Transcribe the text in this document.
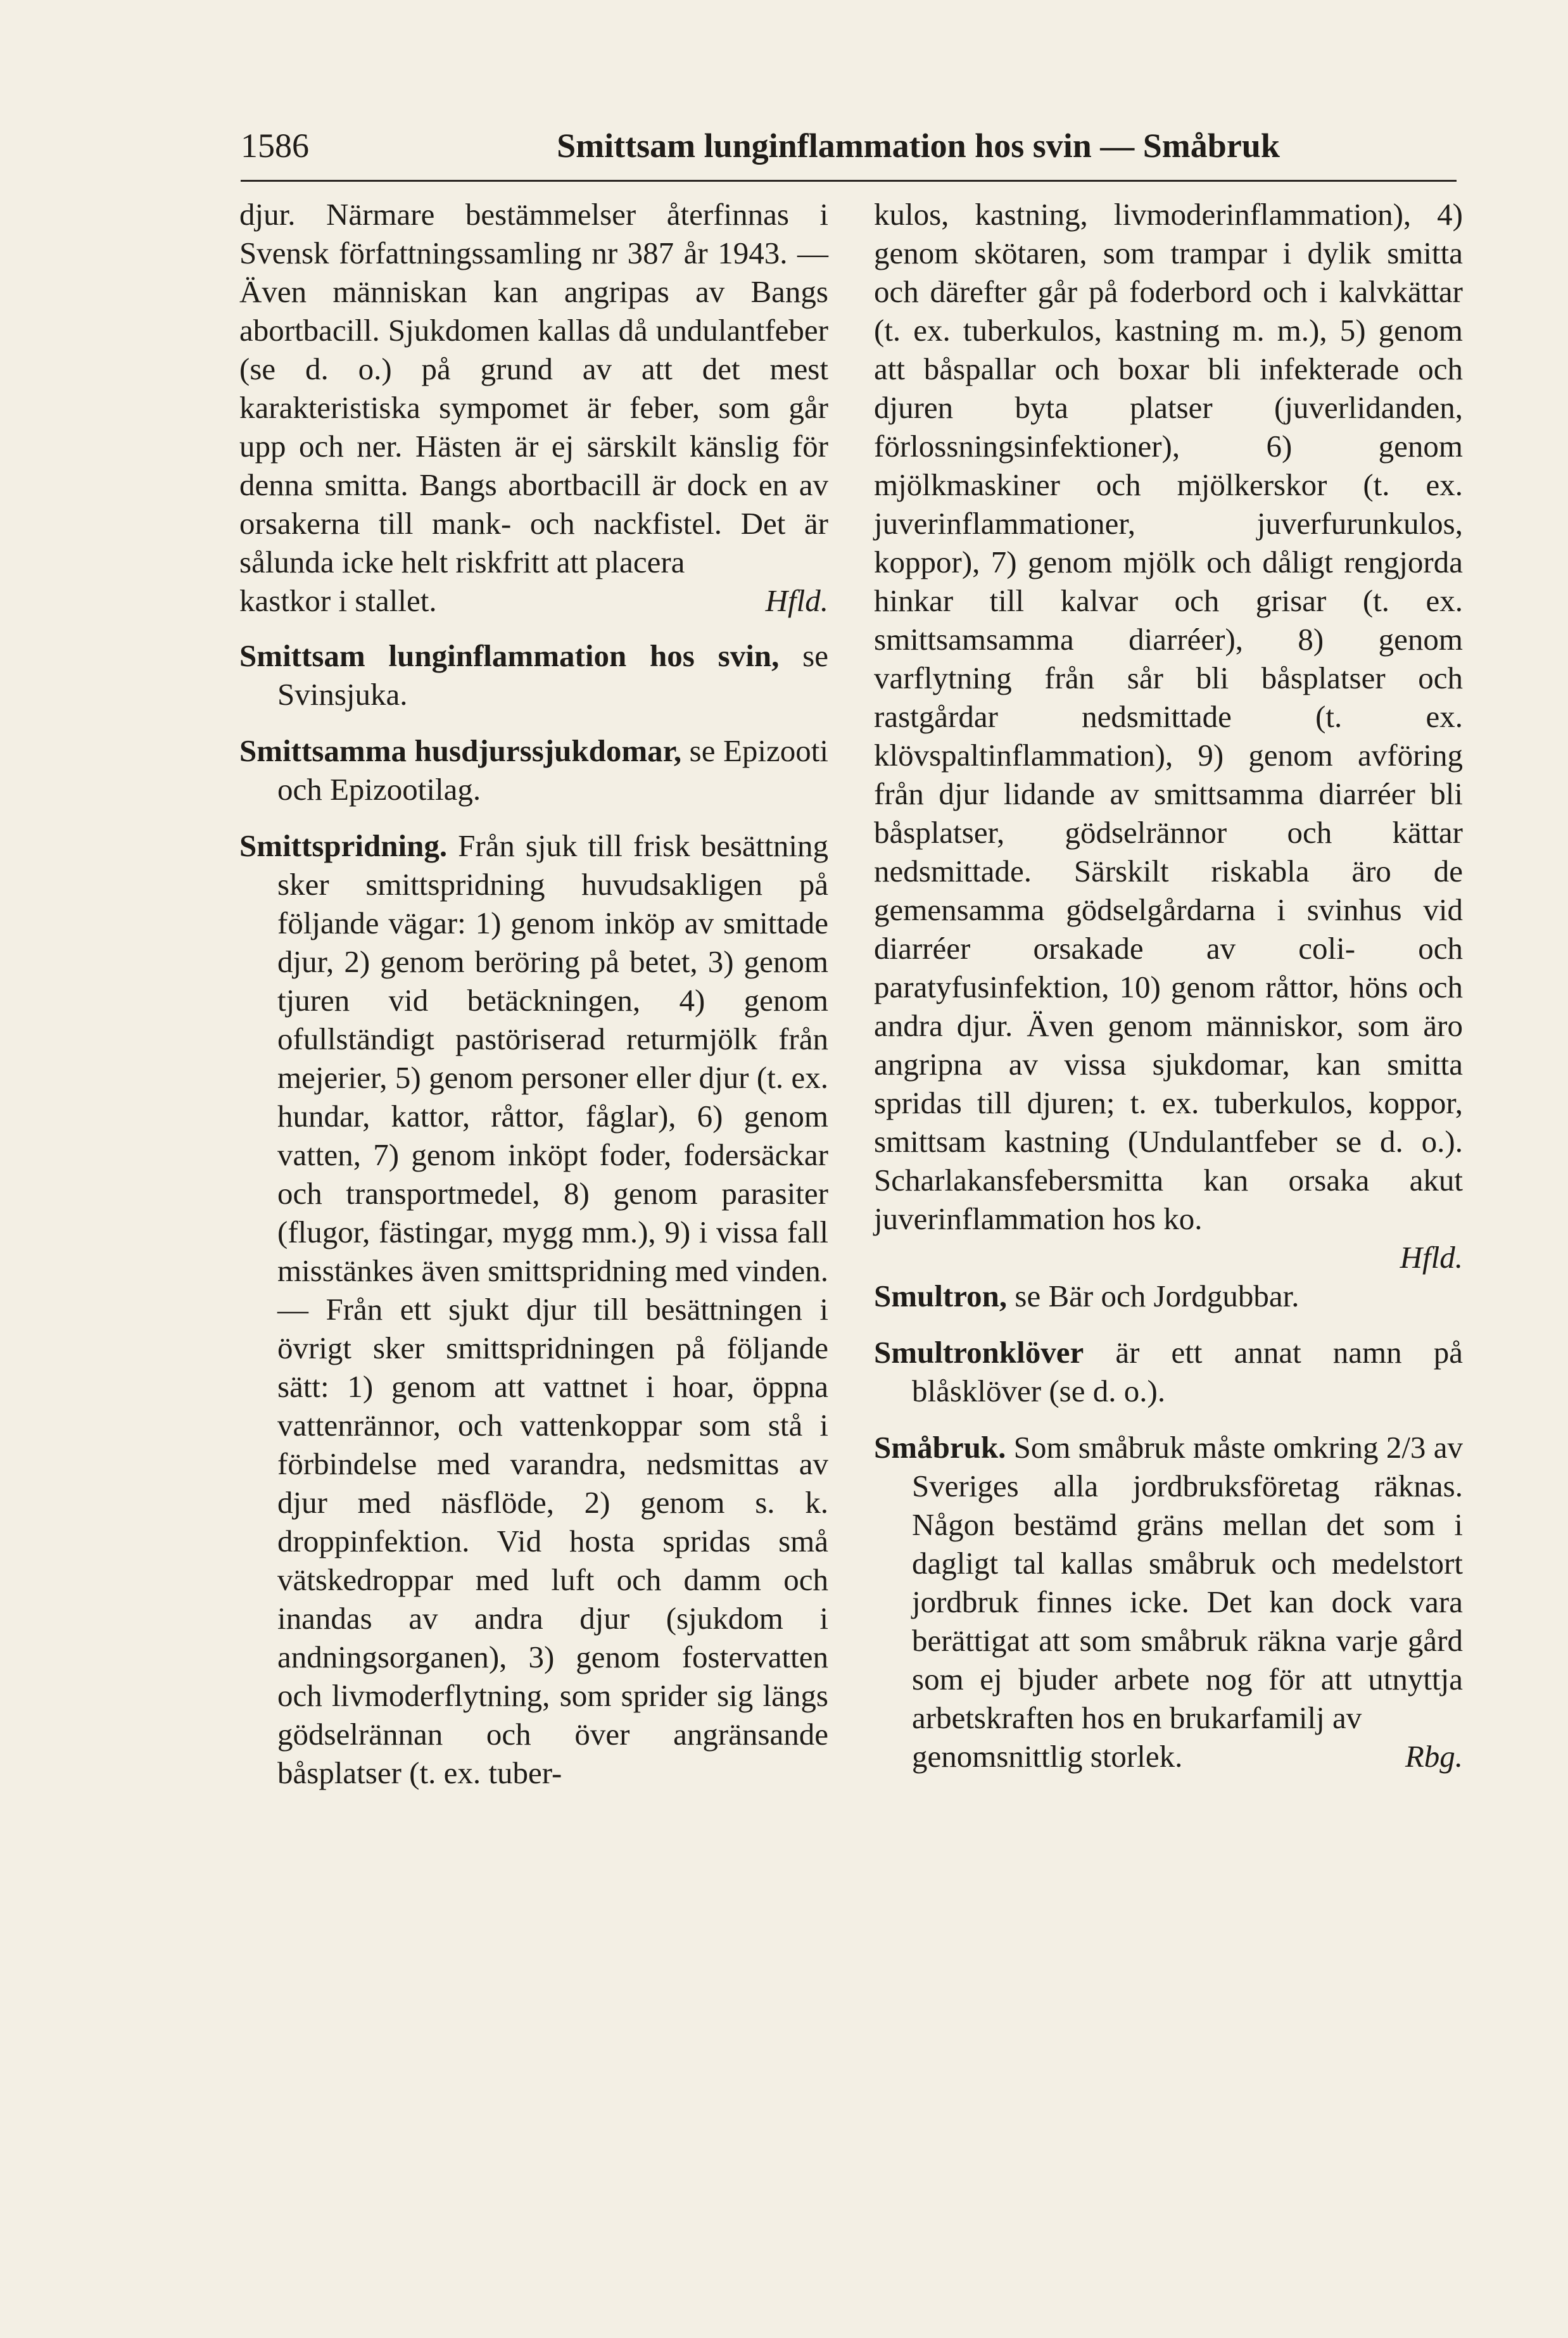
1586	Smittsam lunginflammation hos svin — Småbruk

djur. Närmare bestämmelser återfinnas i Svensk författningssamling nr 387 år 1943. — Även människan kan angripas av Bangs abortbacill. Sjukdomen kallas då undulantfeber (se d. o.) på grund av att det mest karakteristiska sympomet är feber, som går upp och ner. Hästen är ej särskilt känslig för denna smitta. Bangs abortbacill är dock en av orsakerna till mank- och nackfistel. Det är sålunda icke helt riskfritt att placera
kastkor i stallet.	Hfld.

Smittsam lunginflammation hos svin, se Svinsjuka.

Smittsamma husdjurssjukdomar, se Epizooti och Epizootilag.

Smittspridning. Från sjuk till frisk besättning sker smittspridning huvudsakligen på följande vägar: 1) genom inköp av smittade djur, 2) genom beröring på betet, 3) genom tjuren vid betäckningen, 4) genom ofullständigt pastöriserad returmjölk från mejerier, 5) genom personer eller djur (t. ex. hundar, kattor, råttor, fåglar), 6) genom vatten, 7) genom inköpt foder, fodersäckar och transportmedel, 8) genom parasiter (flugor, fästingar, mygg mm.), 9) i vissa fall misstänkes även smittspridning med vinden. — Från ett sjukt djur till besättningen i övrigt sker smittspridningen på följande sätt: 1) genom att vattnet i hoar, öppna vattenrännor, och vattenkoppar som stå i förbindelse med varandra, nedsmittas av djur med näsflöde, 2) genom s. k. droppinfektion. Vid hosta spridas små vätskedroppar med luft och damm och inandas av andra djur (sjukdom i andningsorganen), 3) genom fostervatten och livmoderflytning, som sprider sig längs gödselrännan och över angränsande båsplatser (t. ex. tuber-

kulos, kastning, livmoderinflammation), 4) genom skötaren, som trampar i dylik smitta och därefter går på foderbord och i kalvkättar (t. ex. tuberkulos, kastning m. m.), 5) genom att båspallar och boxar bli infekterade och djuren byta platser (juverlidanden, förlossningsinfektioner), 6) genom mjölkmaskiner och mjölkerskor (t. ex. juverinflammationer, juverfurunkulos, koppor), 7) genom mjölk och dåligt rengjorda hinkar till kalvar och grisar (t. ex. smittsamsamma diarréer), 8) genom varflytning från sår bli båsplatser och rastgårdar nedsmittade (t. ex. klövspaltinflammation), 9) genom avföring från djur lidande av smittsamma diarréer bli båsplatser, gödselrännor och kättar nedsmittade. Särskilt riskabla äro de gemensamma gödselgårdarna i svinhus vid diarréer orsakade av coli- och paratyfusinfektion, 10) genom råttor, höns och andra djur. Även genom människor, som äro angripna av vissa sjukdomar, kan smitta spridas till djuren; t. ex. tuberkulos, koppor, smittsam kastning (Undulantfeber se d. o.). Scharlakansfebersmitta kan orsaka akut juverinflammation hos ko.

Hfld.

Smultron, se Bär och Jordgubbar.

Smultronklöver är ett annat namn på blåsklöver (se d. o.).

Småbruk. Som småbruk måste omkring 2/3 av Sveriges alla jordbruksföretag räknas. Någon bestämd gräns mellan det som i dagligt tal kallas småbruk och medelstort jordbruk finnes icke. Det kan dock vara berättigat att som småbruk räkna varje gård som ej bjuder arbete nog för att utnyttja arbetskraften hos en brukarfamilj av
genomsnittlig storlek.	Rbg.
